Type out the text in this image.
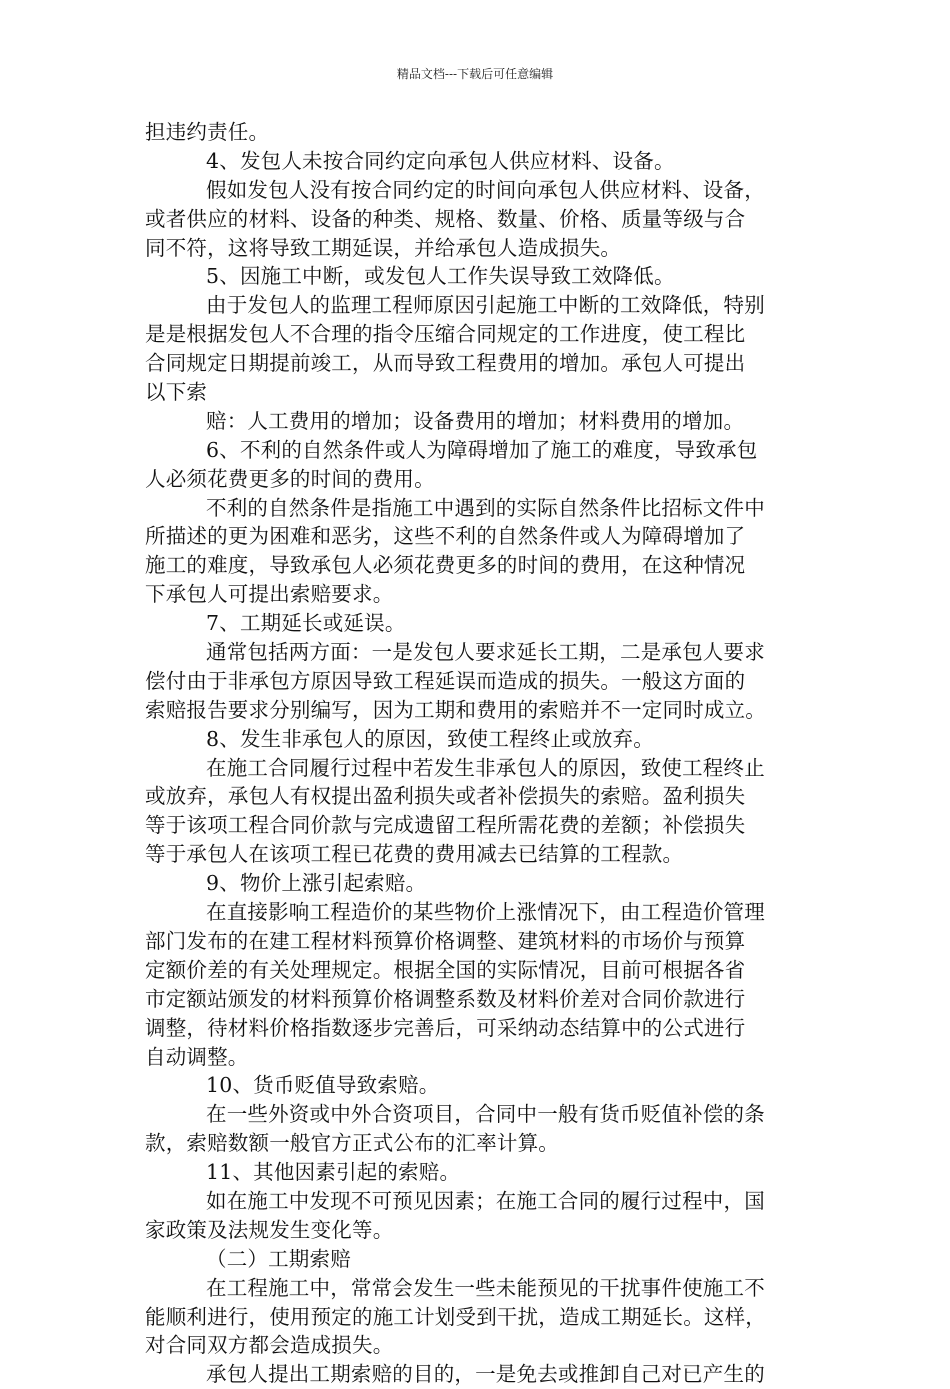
精品文档---下载后可任意编辑
担违约责任。
4、发包人未按合同约定向承包人供应材料、设备。
假如发包人没有按合同约定的时间向承包人供应材料、设备，
或者供应的材料、设备的种类、规格、数量、价格、质量等级与合
同不符，这将导致工期延误，并给承包人造成损失。
5、因施工中断，或发包人工作失误导致工效降低。
由于发包人的监理工程师原因引起施工中断的工效降低，特别
是是根据发包人不合理的指令压缩合同规定的工作进度，使工程比
合同规定日期提前竣工，从而导致工程费用的增加。承包人可提出
以下索
赔：人工费用的增加；设备费用的增加；材料费用的增加。
6、不利的自然条件或人为障碍增加了施工的难度，导致承包
人必须花费更多的时间的费用。
不利的自然条件是指施工中遇到的实际自然条件比招标文件中
所描述的更为困难和恶劣，这些不利的自然条件或人为障碍增加了
施工的难度，导致承包人必须花费更多的时间的费用，在这种情况
下承包人可提出索赔要求。
7、工期延长或延误。
通常包括两方面：一是发包人要求延长工期，二是承包人要求
偿付由于非承包方原因导致工程延误而造成的损失。一般这方面的
索赔报告要求分别编写，因为工期和费用的索赔并不一定同时成立。
8、发生非承包人的原因，致使工程终止或放弃。
在施工合同履行过程中若发生非承包人的原因，致使工程终止
或放弃，承包人有权提出盈利损失或者补偿损失的索赔。盈利损失
等于该项工程合同价款与完成遗留工程所需花费的差额；补偿损失
等于承包人在该项工程已花费的费用减去已结算的工程款。
9、物价上涨引起索赔。
在直接影响工程造价的某些物价上涨情况下，由工程造价管理
部门发布的在建工程材料预算价格调整、建筑材料的市场价与预算
定额价差的有关处理规定。根据全国的实际情况，目前可根据各省
市定额站颁发的材料预算价格调整系数及材料价差对合同价款进行
调整，待材料价格指数逐步完善后，可采纳动态结算中的公式进行
自动调整。
10、货币贬值导致索赔。
在一些外资或中外合资项目，合同中一般有货币贬值补偿的条
款，索赔数额一般官方正式公布的汇率计算。
11、其他因素引起的索赔。
如在施工中发现不可预见因素；在施工合同的履行过程中，国
家政策及法规发生变化等。
（二）工期索赔
在工程施工中，常常会发生一些未能预见的干扰事件使施工不
能顺利进行，使用预定的施工计划受到干扰，造成工期延长。这样，
对合同双方都会造成损失。
承包人提出工期索赔的目的，一是免去或推卸自己对已产生的
